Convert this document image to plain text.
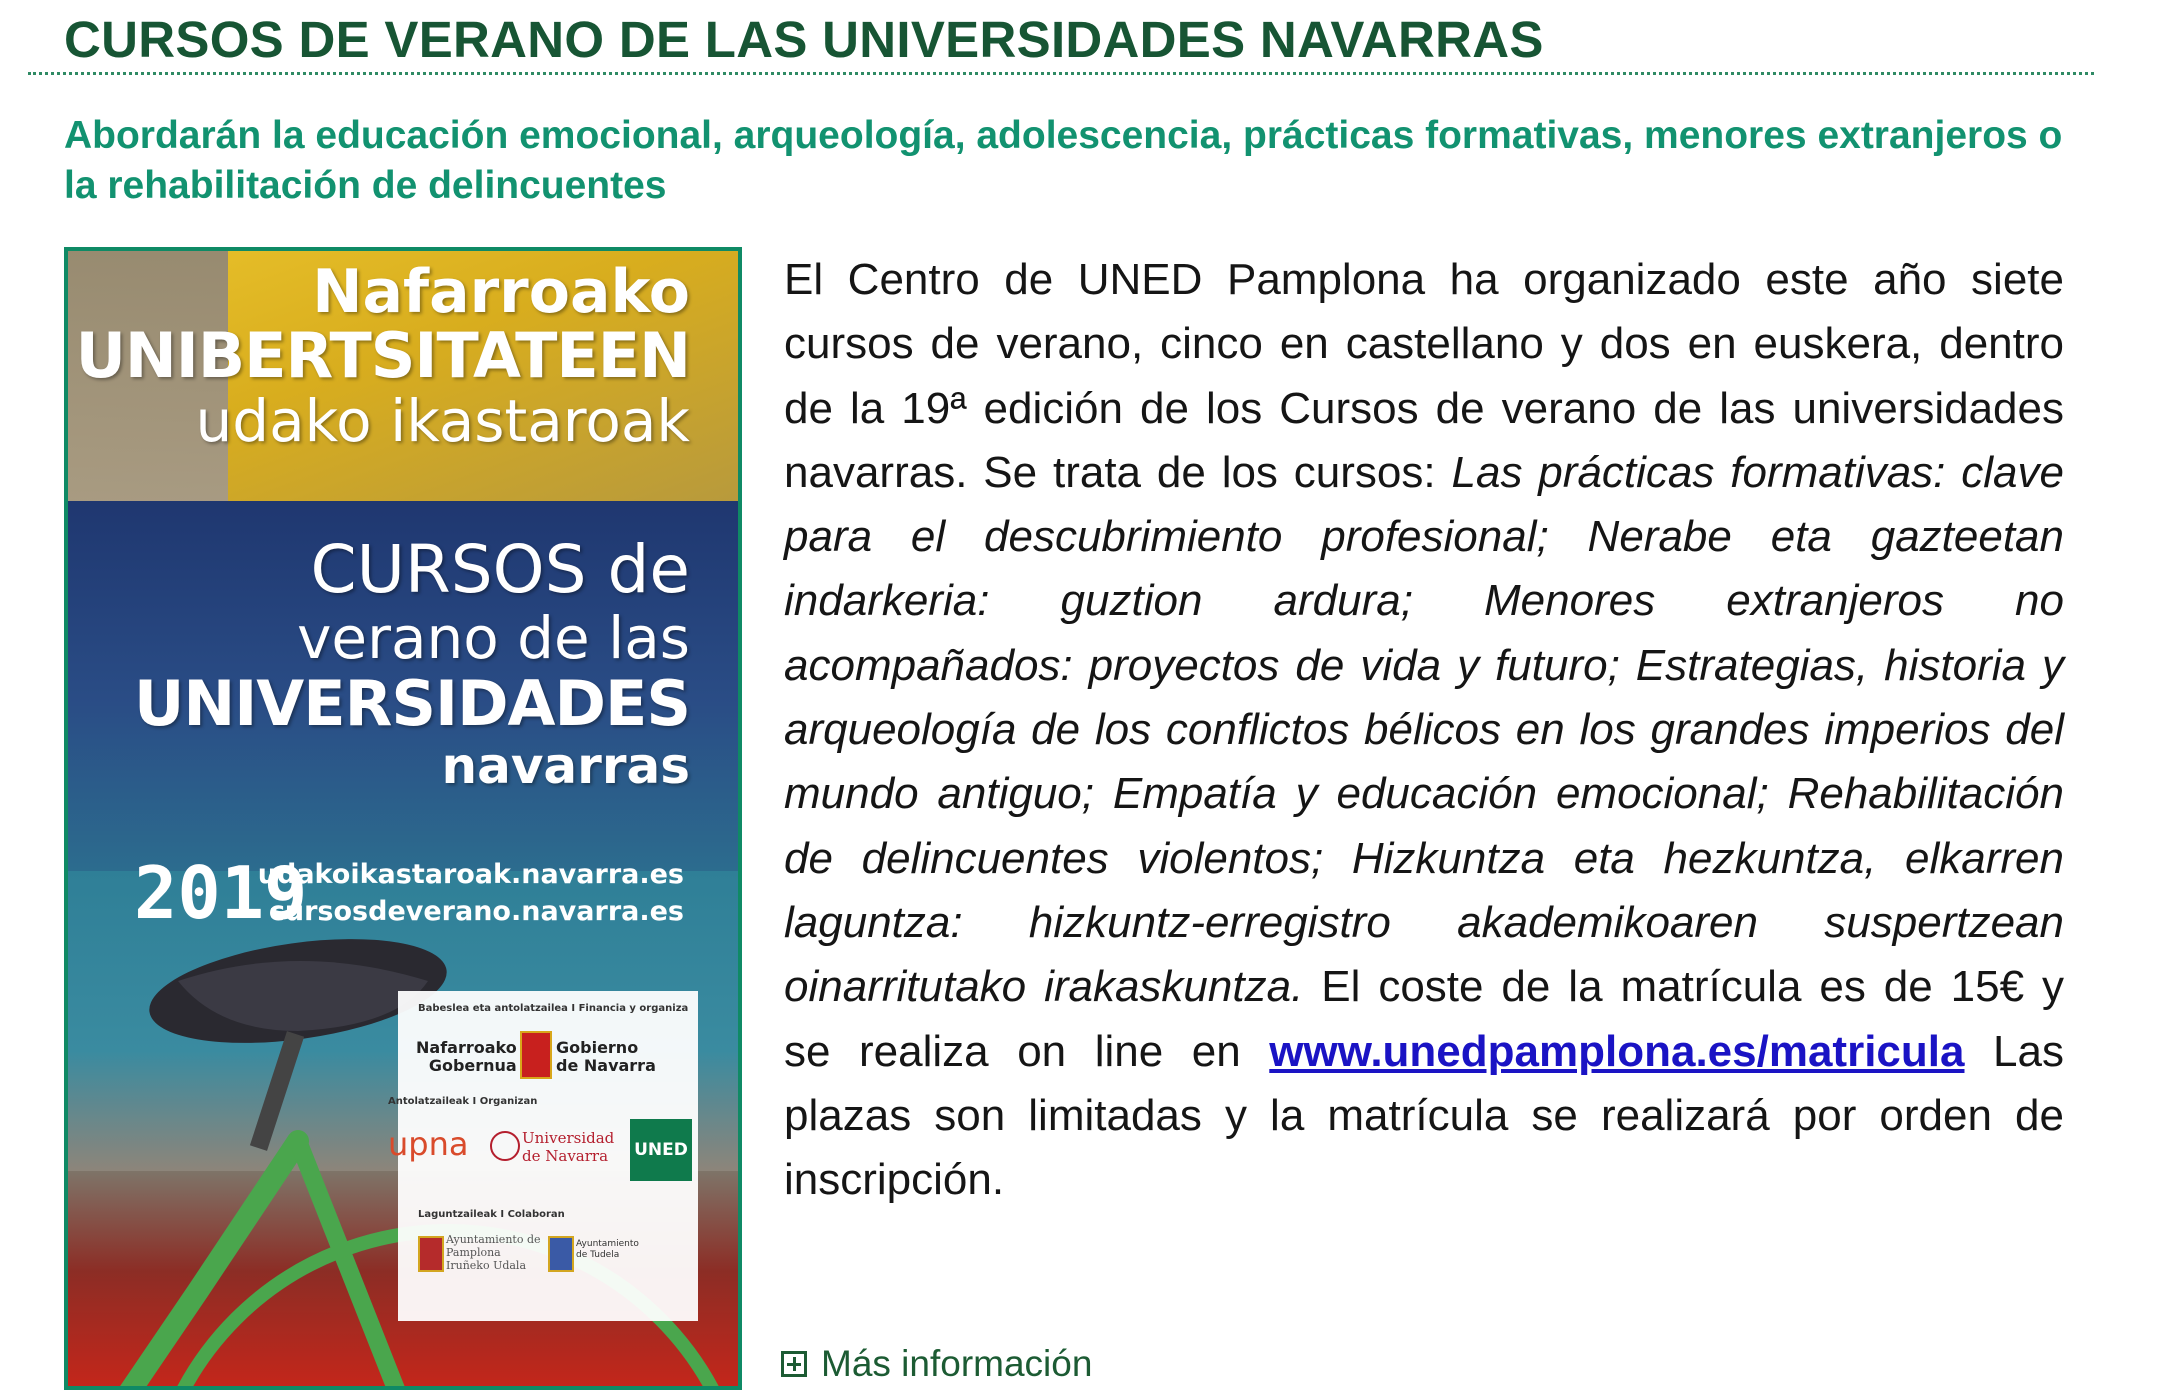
CURSOS DE VERANO DE LAS UNIVERSIDADES NAVARRAS
Abordarán la educación emocional, arqueología, adolescencia, prácticas formativas, menores extranjeros o la rehabilitación de delincuentes
Nafarroako
UNIBERTSITATEEN
udako ikastaroak
CURSOS de
verano de las
UNIVERSIDADES
navarras
2019
udakoikastaroak.navarra.es
cursosdeverano.navarra.es
Babeslea eta antolatzailea I Financia y organiza
Nafarroako
Gobernua
Gobierno
de Navarra
Antolatzaileak I Organizan
upna	Universidad
de Navarra	UNED
Laguntzaileak I Colaboran
Ayuntamiento de
Pamplona
Iruñeko Udala
Ayuntamiento
de Tudela

El Centro de UNED Pamplona ha organizado este año siete cursos de verano, cinco en castellano y dos en euskera, dentro de la 19ª edición de los Cursos de verano de las universidades navarras. Se trata de los cursos: Las prácticas formativas: clave para el descubrimiento profesional; Nerabe eta gazteetan indarkeria: guztion ardura; Menores extranjeros no acompañados: proyectos de vida y futuro; Estrategias, historia y arqueología de los conflictos bélicos en los grandes imperios del mundo antiguo; Empatía y educación emocional; Rehabilitación de delincuentes violentos; Hizkuntza eta hezkuntza, elkarren laguntza: hizkuntz-erregistro akademikoaren suspertzean oinarritutako irakaskuntza. El coste de la matrícula es de 15€ y se realiza on line en www.unedpamplona.es/matricula Las plazas son limitadas y la matrícula se realizará por orden de inscripción.

Más información
